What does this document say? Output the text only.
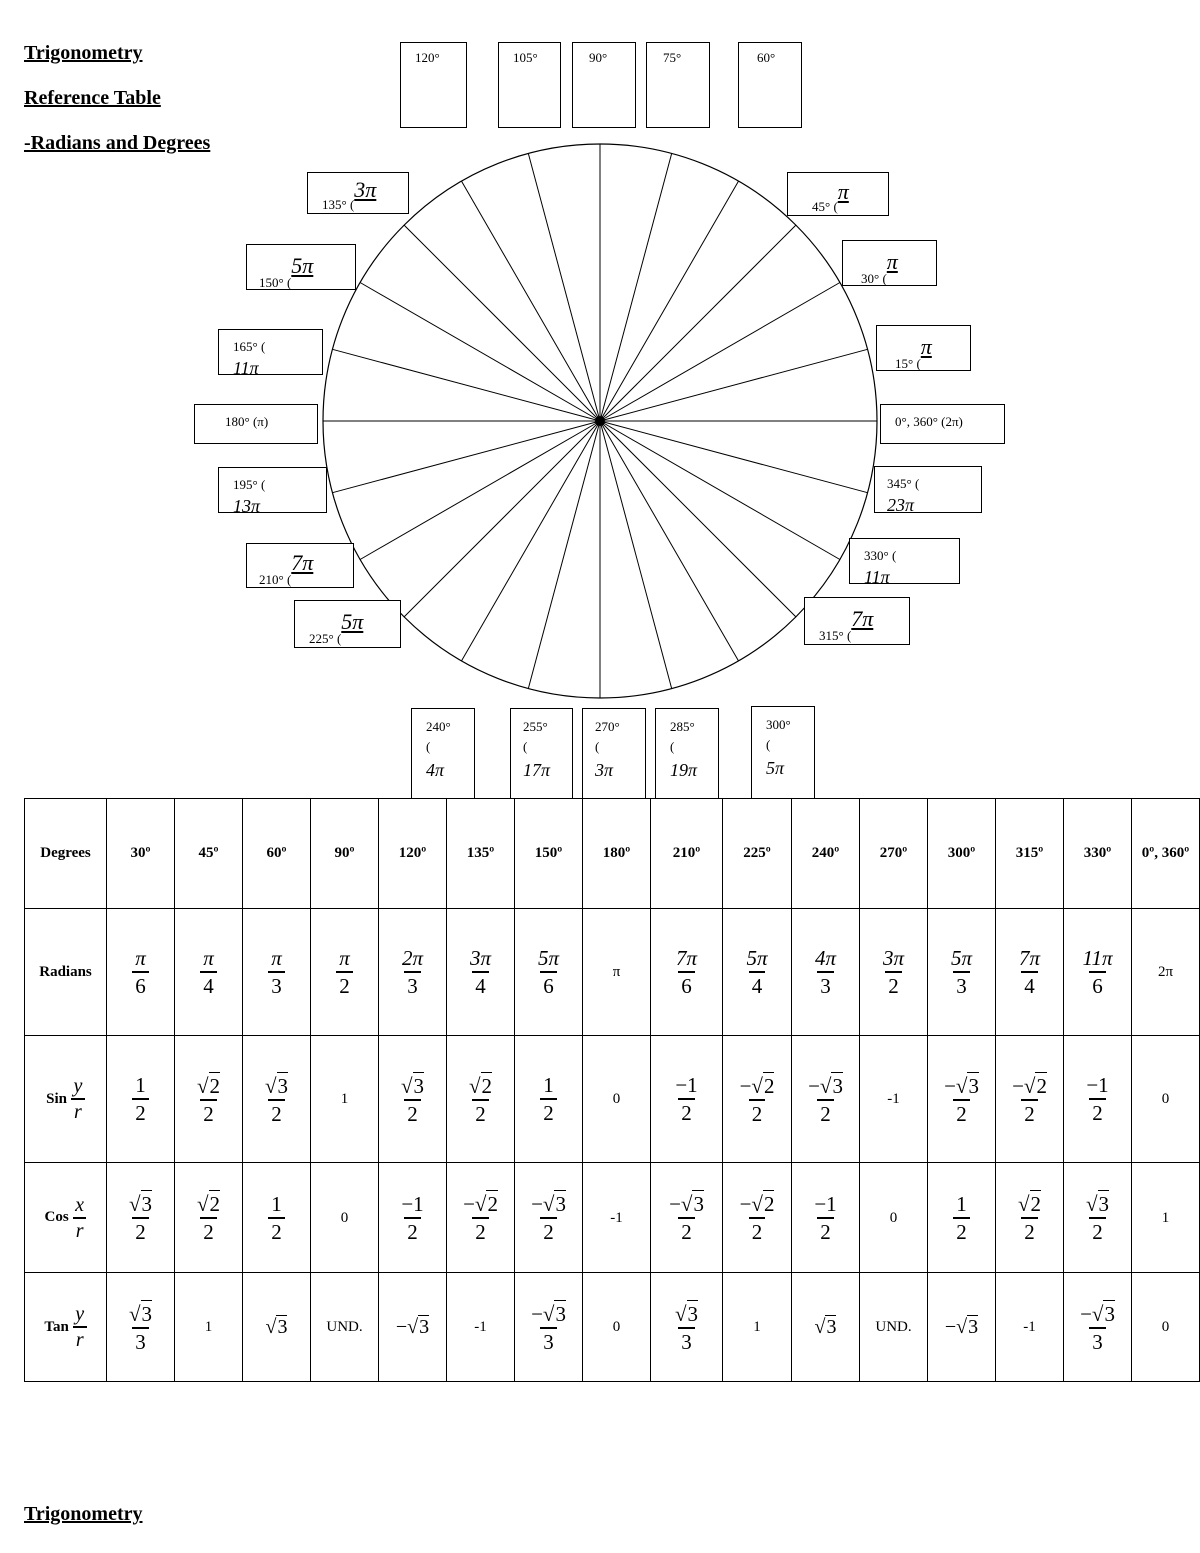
Trigonometry
Reference Table
-Radians and Degrees
120°	105°	90°	75°	60°
135° (3π
45° (π
150° (5π
30° (π
165° (
11π	15° (π
180° (π)	0°, 360° (2π)
195° (
13π
345° (
23π
210° (7π	330° (
11π
225° (5π
315° (7π
240°
(
4π
255°
(
17π
270°
(
3π
285°
(
19π
300°
(
5π
Degrees	30º	45º	60º	90º	120º	135º	150º	180º	210º	225º	240º	270º	300º	315º	330º	0º, 360º
Radians	$\frac{\pi}{6}$	$\frac{\pi}{4}$	$\frac{\pi}{3}$	$\frac{\pi}{2}$	$\frac{2\pi}{3}$	$\frac{3\pi}{4}$	$\frac{5\pi}{6}$	π	$\frac{7\pi}{6}$	$\frac{5\pi}{4}$	$\frac{4\pi}{3}$	$\frac{3\pi}{2}$	$\frac{5\pi}{3}$	$\frac{7\pi}{4}$	$\frac{11\pi}{6}$	2π

Sin $\frac{y}{r}$	$\frac{1}{2}$	$\frac{√2}{2}$	$\frac{√3}{2}$	1	$\frac{√3}{2}$	$\frac{√2}{2}$	$\frac{1}{2}$	0	$\frac{-1}{2}$	$\frac{-√2}{2}$	$\frac{-√3}{2}$	-1	$\frac{-√3}{2}$	$\frac{-√2}{2}$	$\frac{-1}{2}$	0

Cos $\frac{x}{r}$	$\frac{√3}{2}$	$\frac{√2}{2}$	$\frac{1}{2}$	0	$\frac{-1}{2}$	$\frac{-√2}{2}$	$\frac{-√3}{2}$	-1	$\frac{-√3}{2}$	$\frac{-√2}{2}$	$\frac{-1}{2}$	0	$\frac{1}{2}$	$\frac{√2}{2}$	$\frac{√3}{2}$	1

Tan $\frac{y}{r}$	$\frac{√3}{3}$	1	√3	UND.	−√3	-1	$\frac{-√3}{3}$	0	$\frac{√3}{3}$	1	√3	UND.	−√3	-1	$\frac{-√3}{3}$	0
Trigonometry
